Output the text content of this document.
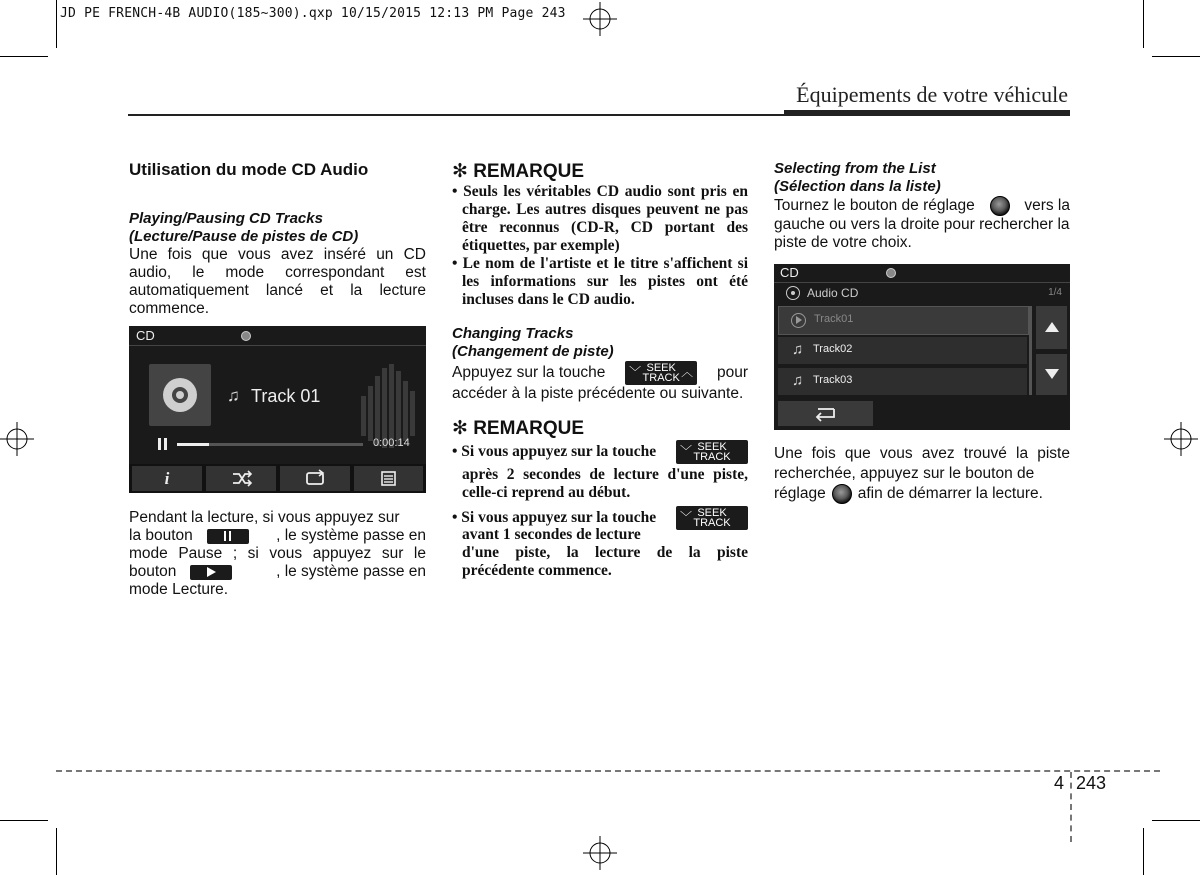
JD PE FRENCH-4B AUDIO(185~300).qxp 10/15/2015 12:13 PM Page 243
Équipements de votre véhicule

Utilisation du mode CD Audio

Playing/Pausing CD Tracks

(Lecture/Pause de pistes de CD)

Une fois que vous avez inséré un CD audio, le mode correspondant est automatiquement lancé et la lecture commence.

CD
♫ Track 01
0:00:14
i
Pendant la lecture, si vous appuyez sur
la bouton	, le système passe en
mode Pause ; si vous appuyez sur le
bouton	, le système passe en
mode Lecture.

✻ REMARQUE

• Seuls les véritables CD audio sont pris en charge. Les autres disques peuvent ne pas être reconnus (CD-R, CD portant des étiquettes, par exemple)
• Le nom de l'artiste et le titre s'affichent si les informations sur les pistes ont été incluses dans le CD audio.

Changing Tracks

(Changement de piste)

Appuyez sur la touche ﹀ SEEK
TRACK ︿ pour
accéder à la piste précédente ou suivante.

✻ REMARQUE

• Si vous appuyez sur la touche	﹀ SEEK
TRACK
après 2 secondes de lecture d'une piste, celle-ci reprend au début.
• Si vous appuyez sur la touche	﹀ SEEK
TRACK
avant 1 secondes de lecture
d'une piste, la lecture de la piste précédente commence.

Selecting from the List

(Sélection dans la liste)

Tournez le bouton de réglage	vers la
gauche ou vers la droite pour rechercher la piste de votre choix.
CD
Audio CD	1/4
Track01
♫ Track02
♫ Track03
Une fois que vous avez trouvé la piste recherchée, appuyez sur le bouton de
réglage afin de démarrer la lecture.
4 243
